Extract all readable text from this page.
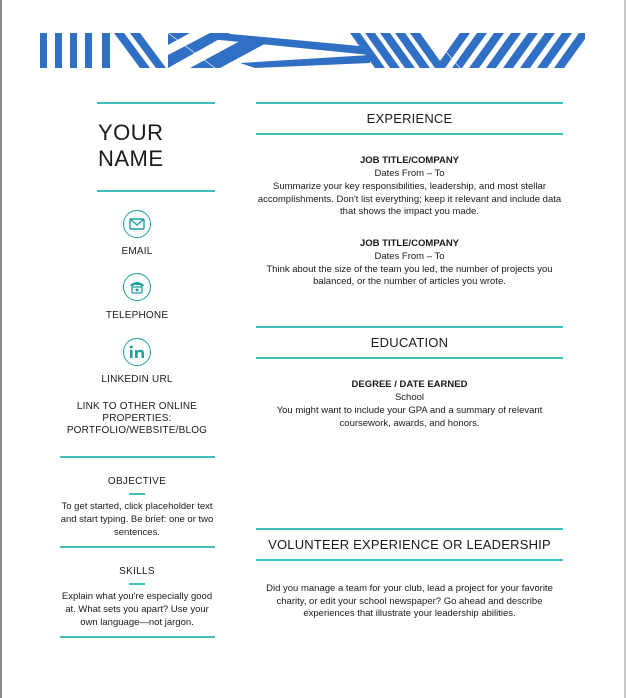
YOUR
NAME
EMAIL
TELEPHONE
LINKEDIN URL
LINK TO OTHER ONLINE
PROPERTIES:
PORTFOLIO/WEBSITE/BLOG
OBJECTIVE
To get started, click placeholder text
and start typing. Be brief: one or two
sentences.
SKILLS
Explain what you're especially good
at. What sets you apart? Use your
own language—not jargon.
EXPERIENCE
JOB TITLE/COMPANY
Dates From – To
Summarize your key responsibilities, leadership, and most stellar
accomplishments. Don't list everything; keep it relevant and include data
that shows the impact you made.
JOB TITLE/COMPANY
Dates From – To
Think about the size of the team you led, the number of projects you
balanced, or the number of articles you wrote.
EDUCATION
DEGREE / DATE EARNED
School
You might want to include your GPA and a summary of relevant
coursework, awards, and honors.
VOLUNTEER EXPERIENCE OR LEADERSHIP
Did you manage a team for your club, lead a project for your favorite
charity, or edit your school newspaper? Go ahead and describe
experiences that illustrate your leadership abilities.
